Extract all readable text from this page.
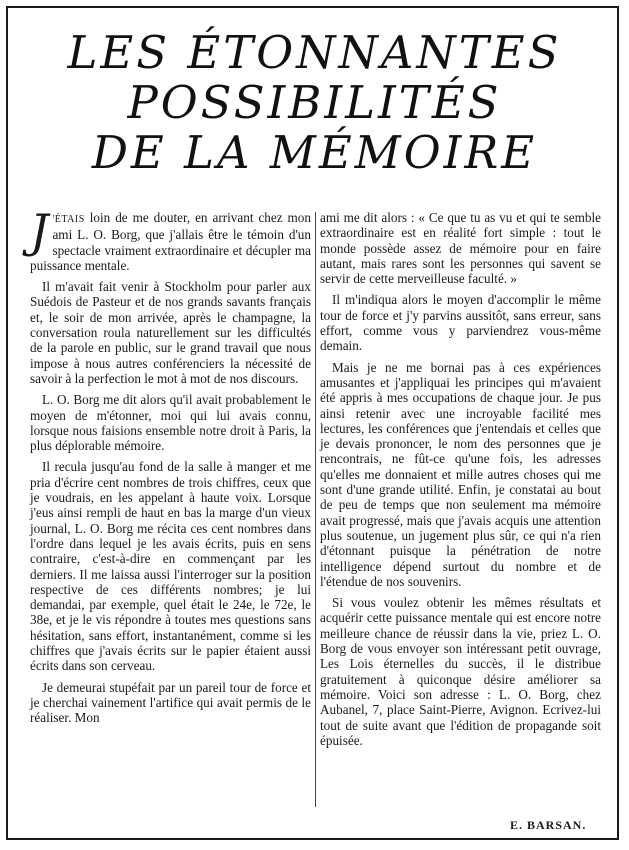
LES ÉTONNANTES
POSSIBILITÉS
DE LA MÉMOIRE

J 'ÉTAIS loin de me douter, en arrivant chez mon ami L. O. Borg, que j'allais être le témoin d'un spectacle vraiment extraordinaire et décupler ma puissance mentale.

Il m'avait fait venir à Stockholm pour parler aux Suédois de Pasteur et de nos grands savants français et, le soir de mon arrivée, après le champagne, la conversation roula naturellement sur les difficultés de la parole en public, sur le grand travail que nous impose à nous autres conférenciers la nécessité de savoir à la perfection le mot à mot de nos discours.

L. O. Borg me dit alors qu'il avait probablement le moyen de m'étonner, moi qui lui avais connu, lorsque nous faisions ensemble notre droit à Paris, la plus déplorable mémoire.

Il recula jusqu'au fond de la salle à manger et me pria d'écrire cent nombres de trois chiffres, ceux que je voudrais, en les appelant à haute voix. Lorsque j'eus ainsi rempli de haut en bas la marge d'un vieux journal, L. O. Borg me récita ces cent nombres dans l'ordre dans lequel je les avais écrits, puis en sens contraire, c'est-à-dire en commençant par les derniers. Il me laissa aussi l'interroger sur la position respective de ces différents nombres; je lui demandai, par exemple, quel était le 24e, le 72e, le 38e, et je le vis répondre à toutes mes questions sans hésitation, sans effort, instantanément, comme si les chiffres que j'avais écrits sur le papier étaient aussi écrits dans son cerveau.

Je demeurai stupéfait par un pareil tour de force et je cherchai vainement l'artifice qui avait permis de le réaliser. Mon

ami me dit alors : « Ce que tu as vu et qui te semble extraordinaire est en réalité fort simple : tout le monde possède assez de mémoire pour en faire autant, mais rares sont les personnes qui savent se servir de cette merveilleuse faculté. »

Il m'indiqua alors le moyen d'accomplir le même tour de force et j'y parvins aussitôt, sans erreur, sans effort, comme vous y parviendrez vous-même demain.

Mais je ne me bornai pas à ces expériences amusantes et j'appliquai les principes qui m'avaient été appris à mes occupations de chaque jour. Je pus ainsi retenir avec une incroyable facilité mes lectures, les conférences que j'entendais et celles que je devais prononcer, le nom des personnes que je rencontrais, ne fût-ce qu'une fois, les adresses qu'elles me donnaient et mille autres choses qui me sont d'une grande utilité. Enfin, je constatai au bout de peu de temps que non seulement ma mémoire avait progressé, mais que j'avais acquis une attention plus soutenue, un jugement plus sûr, ce qui n'a rien d'étonnant puisque la pénétration de notre intelligence dépend surtout du nombre et de l'étendue de nos souvenirs.

Si vous voulez obtenir les mêmes résultats et acquérir cette puissance mentale qui est encore notre meilleure chance de réussir dans la vie, priez L. O. Borg de vous envoyer son intéressant petit ouvrage, Les Lois éternelles du succès, il le distribue gratuitement à quiconque désire améliorer sa mémoire. Voici son adresse : L. O. Borg, chez Aubanel, 7, place Saint-Pierre, Avignon. Ecrivez-lui tout de suite avant que l'édition de propagande soit épuisée.

E. BARSAN.
